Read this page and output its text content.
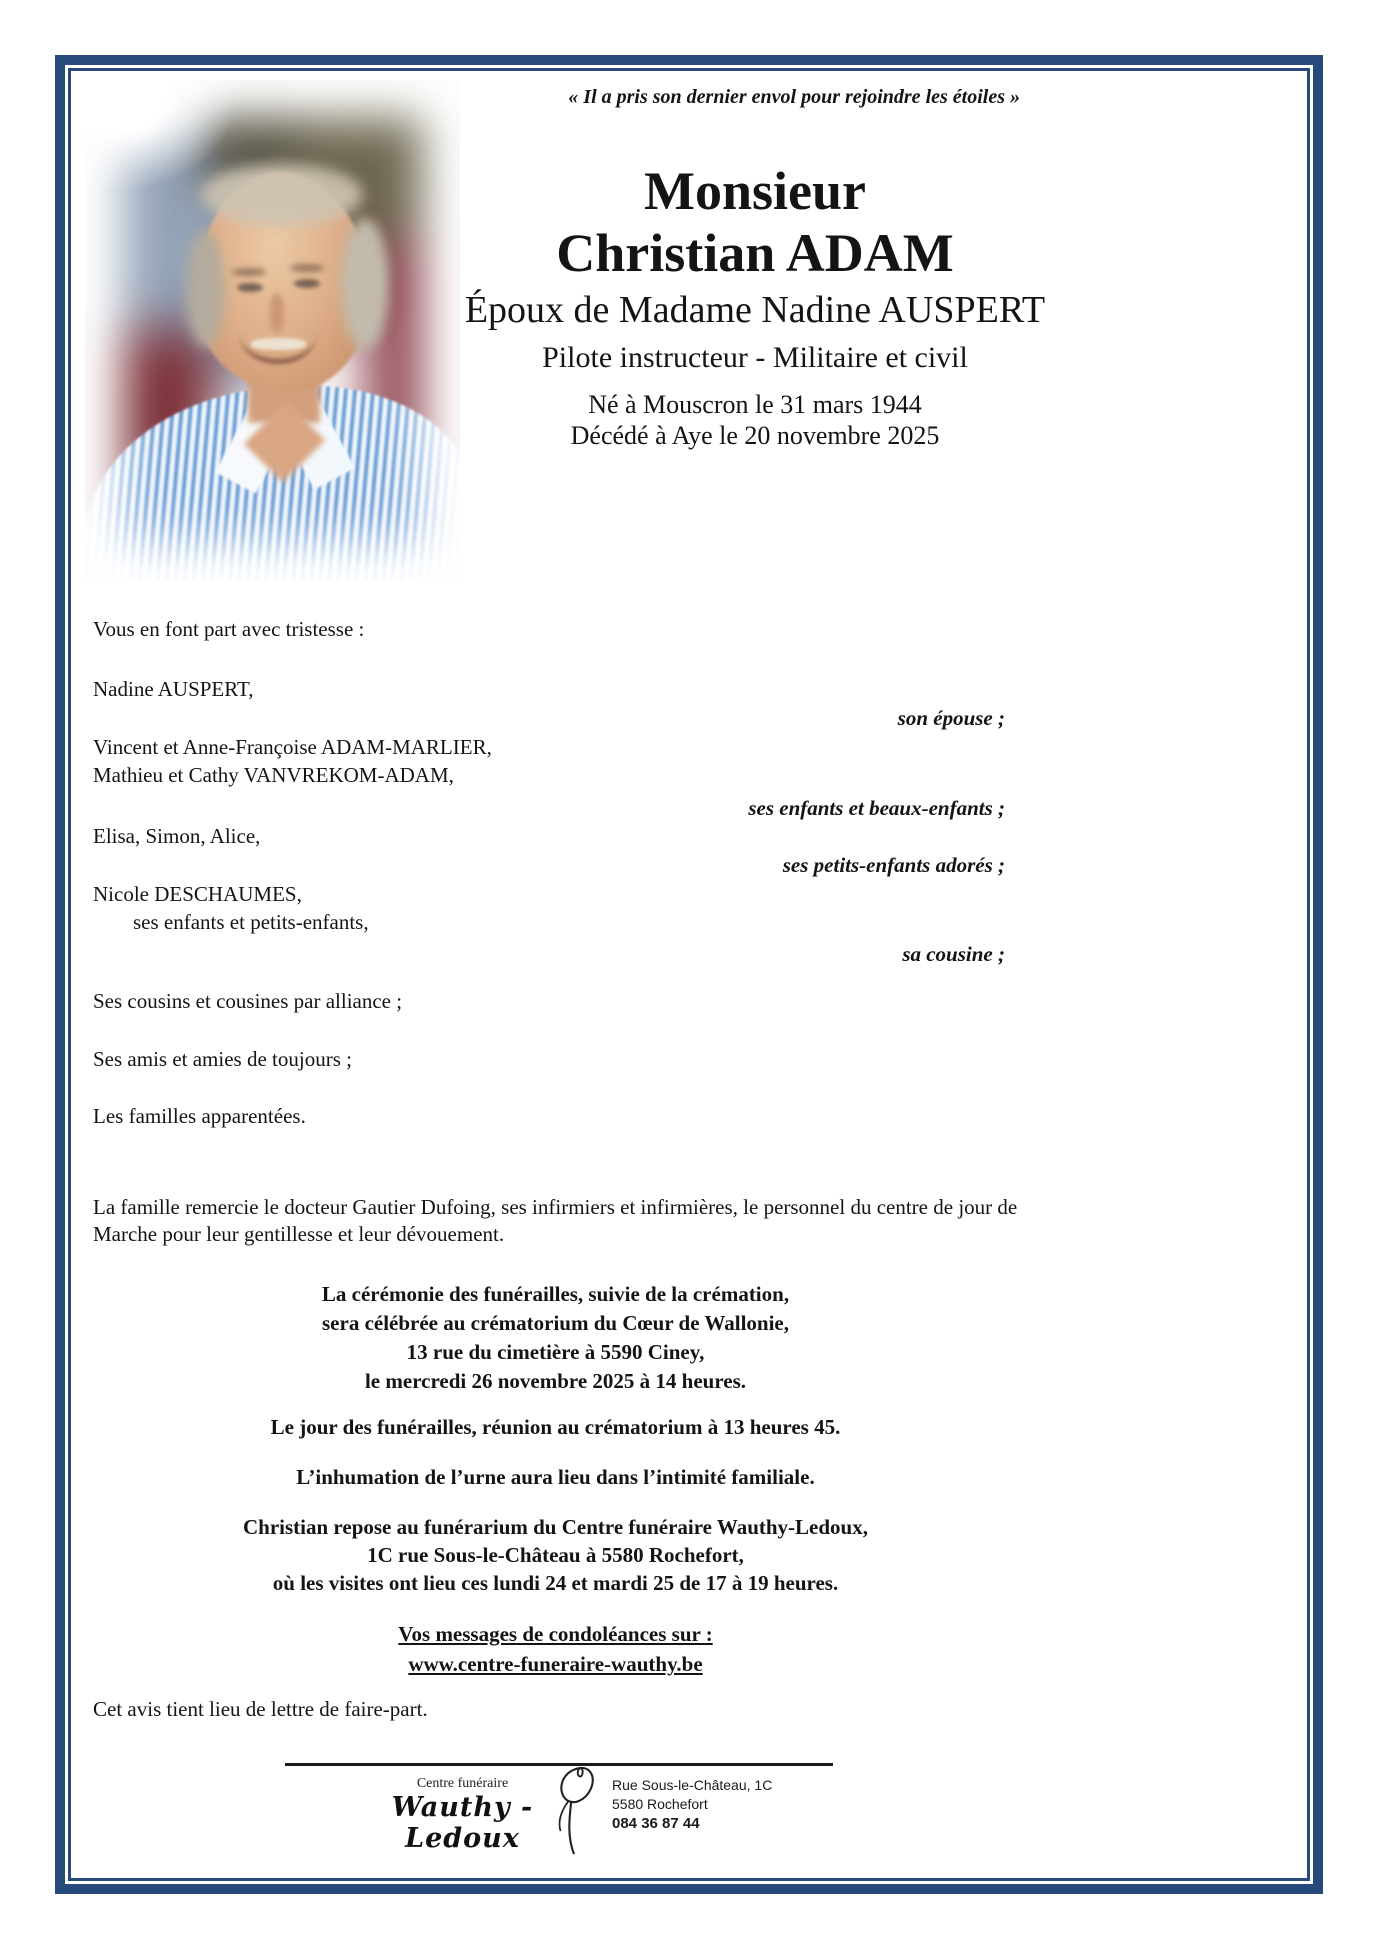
« Il a pris son dernier envol pour rejoindre les étoiles »
Monsieur
Christian ADAM
Époux de Madame Nadine AUSPERT
Pilote instructeur - Militaire et civil
Né à Mouscron le 31 mars 1944
Décédé à Aye le 20 novembre 2025
Vous en font part avec tristesse :
Nadine AUSPERT,
son épouse ;
Vincent et Anne-Françoise ADAM-MARLIER,
Mathieu et Cathy VANVREKOM-ADAM,
ses enfants et beaux-enfants ;
Elisa, Simon, Alice,
ses petits-enfants adorés ;
Nicole DESCHAUMES,
ses enfants et petits-enfants,
sa cousine ;
Ses cousins et cousines par alliance ;
Ses amis et amies de toujours ;
Les familles apparentées.
La famille remercie le docteur Gautier Dufoing, ses infirmiers et infirmières, le personnel du centre de jour de
Marche pour leur gentillesse et leur dévouement.
La cérémonie des funérailles, suivie de la crémation,
sera célébrée au crématorium du Cœur de Wallonie,
13 rue du cimetière à 5590 Ciney,
le mercredi 26 novembre 2025 à 14 heures.
Le jour des funérailles, réunion au crématorium à 13 heures 45.
L’inhumation de l’urne aura lieu dans l’intimité familiale.
Christian repose au funérarium du Centre funéraire Wauthy-Ledoux,
1C rue Sous-le-Château à 5580 Rochefort,
où les visites ont lieu ces lundi 24 et mardi 25 de 17 à 19 heures.
Vos messages de condoléances sur :
www.centre-funeraire-wauthy.be
Cet avis tient lieu de lettre de faire-part.
Centre funéraire
Wauthy - Ledoux
Rue Sous-le-Château, 1C
5580 Rochefort
084 36 87 44
